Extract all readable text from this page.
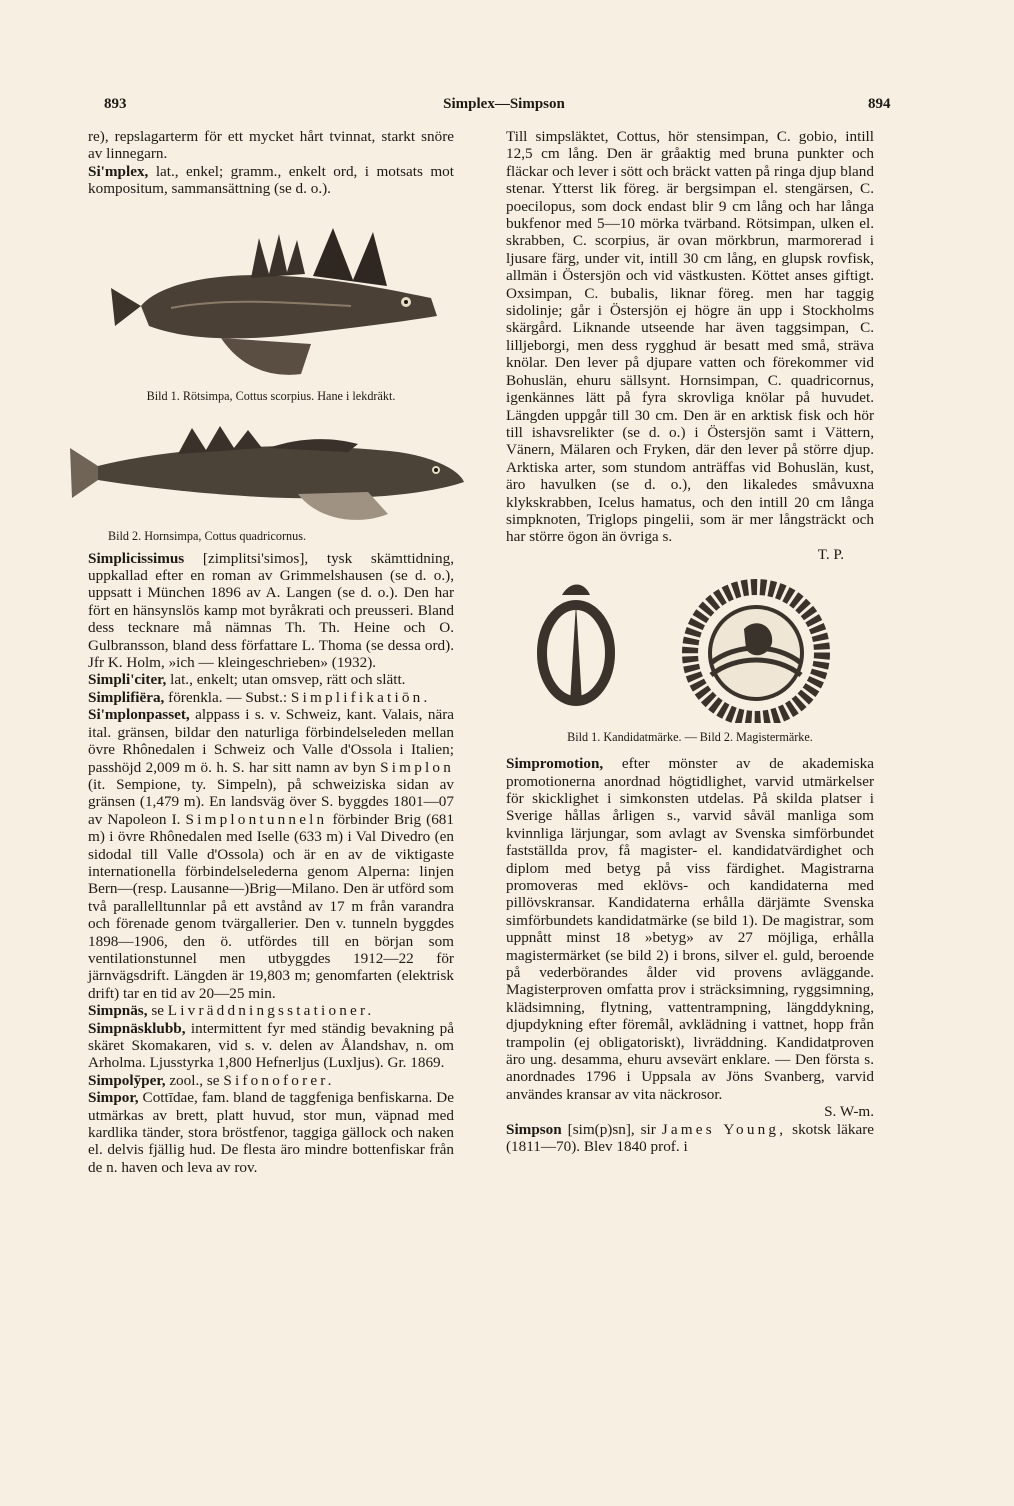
893	Simplex—Simpson	894

re), repslagarterm för ett mycket hårt tvinnat, starkt snöre av linnegarn.

Si'mplex, lat., enkel; gramm., enkelt ord, i motsats mot kompositum, sammansättning (se d. o.).

Bild 1. Rötsimpa, Cottus scorpius. Hane i lekdräkt.

Bild 2. Hornsimpa, Cottus quadricornus.

Simplicissimus [zimplitsi'simos], tysk skämttidning, uppkallad efter en roman av Grimmelshausen (se d. o.), uppsatt i München 1896 av A. Langen (se d. o.). Den har fört en hänsynslös kamp mot byråkrati och preusseri. Bland dess tecknare må nämnas Th. Th. Heine och O. Gulbransson, bland dess författare L. Thoma (se dessa ord). Jfr K. Holm, »ich — kleingeschrieben» (1932).

Simpli'citer, lat., enkelt; utan omsvep, rätt och slätt.

Simplifiëra, förenkla. — Subst.: Simplifikatiōn.

Si'mplonpasset, alppass i s. v. Schweiz, kant. Valais, nära ital. gränsen, bildar den naturliga förbindelseleden mellan övre Rhônedalen i Schweiz och Valle d'Ossola i Italien; passhöjd 2,009 m ö. h. S. har sitt namn av byn Simplon (it. Sempione, ty. Simpeln), på schweiziska sidan av gränsen (1,479 m). En landsväg över S. byggdes 1801—07 av Napoleon I. Simplontunneln förbinder Brig (681 m) i övre Rhônedalen med Iselle (633 m) i Val Divedro (en sidodal till Valle d'Ossola) och är en av de viktigaste internationella förbindelselederna genom Alperna: linjen Bern—(resp. Lausanne—)Brig—Milano. Den är utförd som två parallelltunnlar på ett avstånd av 17 m från varandra och förenade genom tvärgallerier. Den v. tunneln byggdes 1898—1906, den ö. utfördes till en början som ventilationstunnel men utbyggdes 1912—22 för järnvägsdrift. Längden är 19,803 m; genomfarten (elektrisk drift) tar en tid av 20—25 min.

Simpnäs, se Livräddningsstationer.

Simpnäsklubb, intermittent fyr med ständig bevakning på skäret Skomakaren, vid s. v. delen av Ålandshav, n. om Arholma. Ljusstyrka 1,800 Hefnerljus (Luxljus). Gr. 1869.

Simpolȳper, zool., se Sifonoforer.

Simpor, Cottīdae, fam. bland de taggfeniga benfiskarna. De utmärkas av brett, platt huvud, stor mun, väpnad med kardlika tänder, stora bröstfenor, taggiga gällock och naken el. delvis fjällig hud. De flesta äro mindre bottenfiskar från de n. haven och leva av rov.

Till simpsläktet, Cottus, hör stensimpan, C. gobio, intill 12,5 cm lång. Den är gråaktig med bruna punkter och fläckar och lever i sött och bräckt vatten på ringa djup bland stenar. Ytterst lik föreg. är bergsimpan el. stengärsen, C. poecilopus, som dock endast blir 9 cm lång och har långa bukfenor med 5—10 mörka tvärband. Rötsimpan, ulken el. skrabben, C. scorpius, är ovan mörkbrun, marmorerad i ljusare färg, under vit, intill 30 cm lång, en glupsk rovfisk, allmän i Östersjön och vid västkusten. Köttet anses giftigt. Oxsimpan, C. bubalis, liknar föreg. men har taggig sidolinje; går i Östersjön ej högre än upp i Stockholms skärgård. Liknande utseende har även taggsimpan, C. lilljeborgi, men dess rygghud är besatt med små, sträva knölar. Den lever på djupare vatten och förekommer vid Bohuslän, ehuru sällsynt. Hornsimpan, C. quadricornus, igenkännes lätt på fyra skrovliga knölar på huvudet. Längden uppgår till 30 cm. Den är en arktisk fisk och hör till ishavsrelikter (se d. o.) i Östersjön samt i Vättern, Vänern, Mälaren och Fryken, där den lever på större djup. Arktiska arter, som stundom anträffas vid Bohuslän, kust, äro havulken (se d. o.), den likaledes småvuxna klykskrabben, Icelus hamatus, och den intill 20 cm långa simpknoten, Triglops pingelii, som är mer långsträckt och har större ögon än övriga s.

T. P.

Bild 1. Kandidatmärke. — Bild 2. Magistermärke.

Simpromotion, efter mönster av de akademiska promotionerna anordnad högtidlighet, varvid utmärkelser för skicklighet i simkonsten utdelas. På skilda platser i Sverige hållas årligen s., varvid såväl manliga som kvinnliga lärjungar, som avlagt av Svenska simförbundet fastställda prov, få magister- el. kandidatvärdighet och diplom med betyg på viss färdighet. Magistrarna promoveras med eklövs- och kandidaterna med pillövskransar. Kandidaterna erhålla därjämte Svenska simförbundets kandidatmärke (se bild 1). De magistrar, som uppnått minst 18 »betyg» av 27 möjliga, erhålla magistermärket (se bild 2) i brons, silver el. guld, beroende på vederbörandes ålder vid provens avläggande. Magisterproven omfatta prov i sträcksimning, ryggsimning, klädsimning, flytning, vattentrampning, längddykning, djupdykning efter föremål, avklädning i vattnet, hopp från trampolin (ej obligatoriskt), livräddning. Kandidatproven äro ung. desamma, ehuru avsevärt enklare. — Den första s. anordnades 1796 i Uppsala av Jöns Svanberg, varvid användes kransar av vita näckrosor.

S. W-m.

Simpson [sim(p)sn], sir James Young, skotsk läkare (1811—70). Blev 1840 prof. i
